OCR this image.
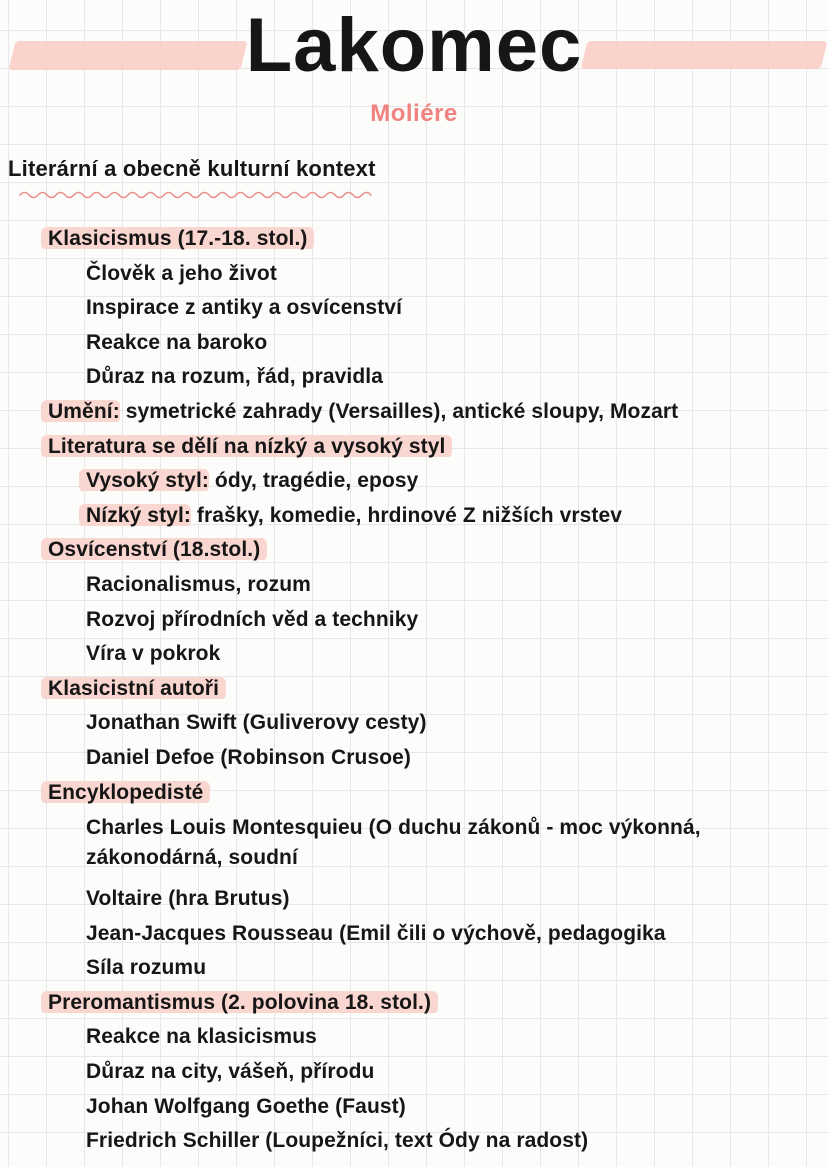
Lakomec
Moliére
Literární a obecně kulturní kontext
Klasicismus (17.-18. stol.)
Člověk a jeho život
Inspirace z antiky a osvícenství
Reakce na baroko
Důraz na rozum, řád, pravidla
Umění: symetrické zahrady (Versailles), antické sloupy, Mozart
Literatura se dělí na nízký a vysoký styl
Vysoký styl: ódy, tragédie, eposy
Nízký styl: frašky, komedie, hrdinové Z nižších vrstev
Osvícenství (18.stol.)
Racionalismus, rozum
Rozvoj přírodních věd a techniky
Víra v pokrok
Klasicistní autoři
Jonathan Swift (Guliverovy cesty)
Daniel Defoe (Robinson Crusoe)
Encyklopedisté
Charles Louis Montesquieu (O duchu zákonů - moc výkonná, zákonodárná, soudní
Voltaire (hra Brutus)
Jean-Jacques Rousseau (Emil čili o výchově, pedagogika
Síla rozumu
Preromantismus (2. polovina 18. stol.)
Reakce na klasicismus
Důraz na city, vášeň, přírodu
Johan Wolfgang Goethe (Faust)
Friedrich Schiller (Loupežníci, text Ódy na radost)
